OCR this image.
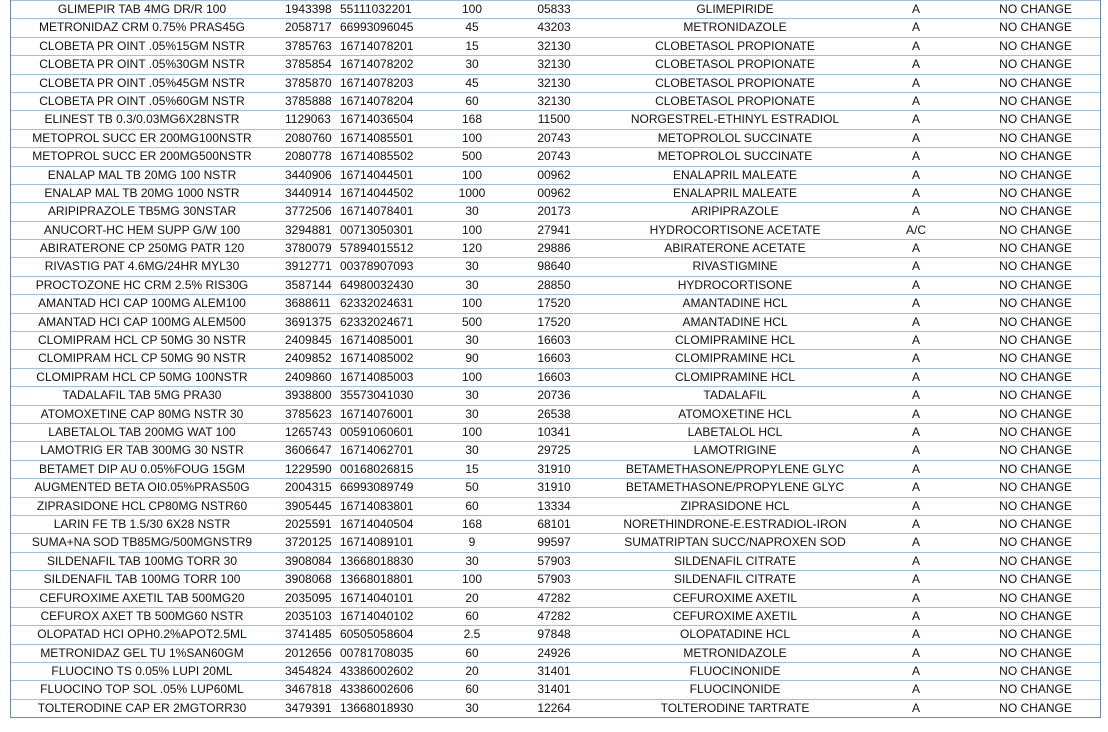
GLIMEPIR TAB 4MG DR/R 100	1943398 55111032201	100	05833	GLIMEPIRIDE	A	NO CHANGE
METRONIDAZ CRM 0.75% PRAS45G	2058717 66993096045	45	43203	METRONIDAZOLE	A	NO CHANGE
CLOBETA PR OINT .05%15GM NSTR	3785763 16714078201	15	32130	CLOBETASOL PROPIONATE	A	NO CHANGE
CLOBETA PR OINT .05%30GM NSTR	3785854 16714078202	30	32130	CLOBETASOL PROPIONATE	A	NO CHANGE
CLOBETA PR OINT .05%45GM NSTR	3785870 16714078203	45	32130	CLOBETASOL PROPIONATE	A	NO CHANGE
CLOBETA PR OINT .05%60GM NSTR	3785888 16714078204	60	32130	CLOBETASOL PROPIONATE	A	NO CHANGE
ELINEST TB 0.3/0.03MG6X28NSTR	1129063 16714036504	168	11500	NORGESTREL-ETHINYL ESTRADIOL	A	NO CHANGE
METOPROL SUCC ER 200MG100NSTR	2080760 16714085501	100	20743	METOPROLOL SUCCINATE	A	NO CHANGE
METOPROL SUCC ER 200MG500NSTR	2080778 16714085502	500	20743	METOPROLOL SUCCINATE	A	NO CHANGE
ENALAP MAL TB 20MG 100 NSTR	3440906 16714044501	100	00962	ENALAPRIL MALEATE	A	NO CHANGE
ENALAP MAL TB 20MG 1000 NSTR	3440914 16714044502	1000	00962	ENALAPRIL MALEATE	A	NO CHANGE
ARIPIPRAZOLE TB5MG 30NSTAR	3772506 16714078401	30	20173	ARIPIPRAZOLE	A	NO CHANGE
ANUCORT-HC HEM SUPP G/W 100	3294881 00713050301	100	27941	HYDROCORTISONE ACETATE	A/C	NO CHANGE
ABIRATERONE CP 250MG PATR 120	3780079 57894015512	120	29886	ABIRATERONE ACETATE	A	NO CHANGE
RIVASTIG PAT 4.6MG/24HR MYL30	3912771 00378907093	30	98640	RIVASTIGMINE	A	NO CHANGE
PROCTOZONE HC CRM 2.5% RIS30G	3587144 64980032430	30	28850	HYDROCORTISONE	A	NO CHANGE
AMANTAD HCI CAP 100MG ALEM100	3688611 62332024631	100	17520	AMANTADINE HCL	A	NO CHANGE
AMANTAD HCI CAP 100MG ALEM500	3691375 62332024671	500	17520	AMANTADINE HCL	A	NO CHANGE
CLOMIPRAM HCL CP 50MG 30 NSTR	2409845 16714085001	30	16603	CLOMIPRAMINE HCL	A	NO CHANGE
CLOMIPRAM HCL CP 50MG 90 NSTR	2409852 16714085002	90	16603	CLOMIPRAMINE HCL	A	NO CHANGE
CLOMIPRAM HCL CP 50MG 100NSTR	2409860 16714085003	100	16603	CLOMIPRAMINE HCL	A	NO CHANGE
TADALAFIL TAB 5MG PRA30	3938800 35573041030	30	20736	TADALAFIL	A	NO CHANGE
ATOMOXETINE CAP 80MG NSTR 30	3785623 16714076001	30	26538	ATOMOXETINE HCL	A	NO CHANGE
LABETALOL TAB 200MG WAT 100	1265743 00591060601	100	10341	LABETALOL HCL	A	NO CHANGE
LAMOTRIG ER TAB 300MG 30 NSTR	3606647 16714062701	30	29725	LAMOTRIGINE	A	NO CHANGE
BETAMET DIP AU 0.05%FOUG 15GM	1229590 00168026815	15	31910	BETAMETHASONE/PROPYLENE GLYC	A	NO CHANGE
AUGMENTED BETA OI0.05%PRAS50G	2004315 66993089749	50	31910	BETAMETHASONE/PROPYLENE GLYC	A	NO CHANGE
ZIPRASIDONE HCL CP80MG NSTR60	3905445 16714083801	60	13334	ZIPRASIDONE HCL	A	NO CHANGE
LARIN FE TB 1.5/30 6X28 NSTR	2025591 16714040504	168	68101	NORETHINDRONE-E.ESTRADIOL-IRON	A	NO CHANGE
SUMA+NA SOD TB85MG/500MGNSTR9	3720125 16714089101	9	99597	SUMATRIPTAN SUCC/NAPROXEN SOD	A	NO CHANGE
SILDENAFIL TAB 100MG TORR 30	3908084 13668018830	30	57903	SILDENAFIL CITRATE	A	NO CHANGE
SILDENAFIL TAB 100MG TORR 100	3908068 13668018801	100	57903	SILDENAFIL CITRATE	A	NO CHANGE
CEFUROXIME AXETIL TAB 500MG20	2035095 16714040101	20	47282	CEFUROXIME AXETIL	A	NO CHANGE
CEFUROX AXET TB 500MG60 NSTR	2035103 16714040102	60	47282	CEFUROXIME AXETIL	A	NO CHANGE
OLOPATAD HCI OPH0.2%APOT2.5ML	3741485 60505058604	2.5	97848	OLOPATADINE HCL	A	NO CHANGE
METRONIDAZ GEL TU 1%SAN60GM	2012656 00781708035	60	24926	METRONIDAZOLE	A	NO CHANGE
FLUOCINO TS 0.05% LUPI 20ML	3454824 43386002602	20	31401	FLUOCINONIDE	A	NO CHANGE
FLUOCINO TOP SOL .05% LUP60ML	3467818 43386002606	60	31401	FLUOCINONIDE	A	NO CHANGE
TOLTERODINE CAP ER 2MGTORR30	3479391 13668018930	30	12264	TOLTERODINE TARTRATE	A	NO CHANGE
